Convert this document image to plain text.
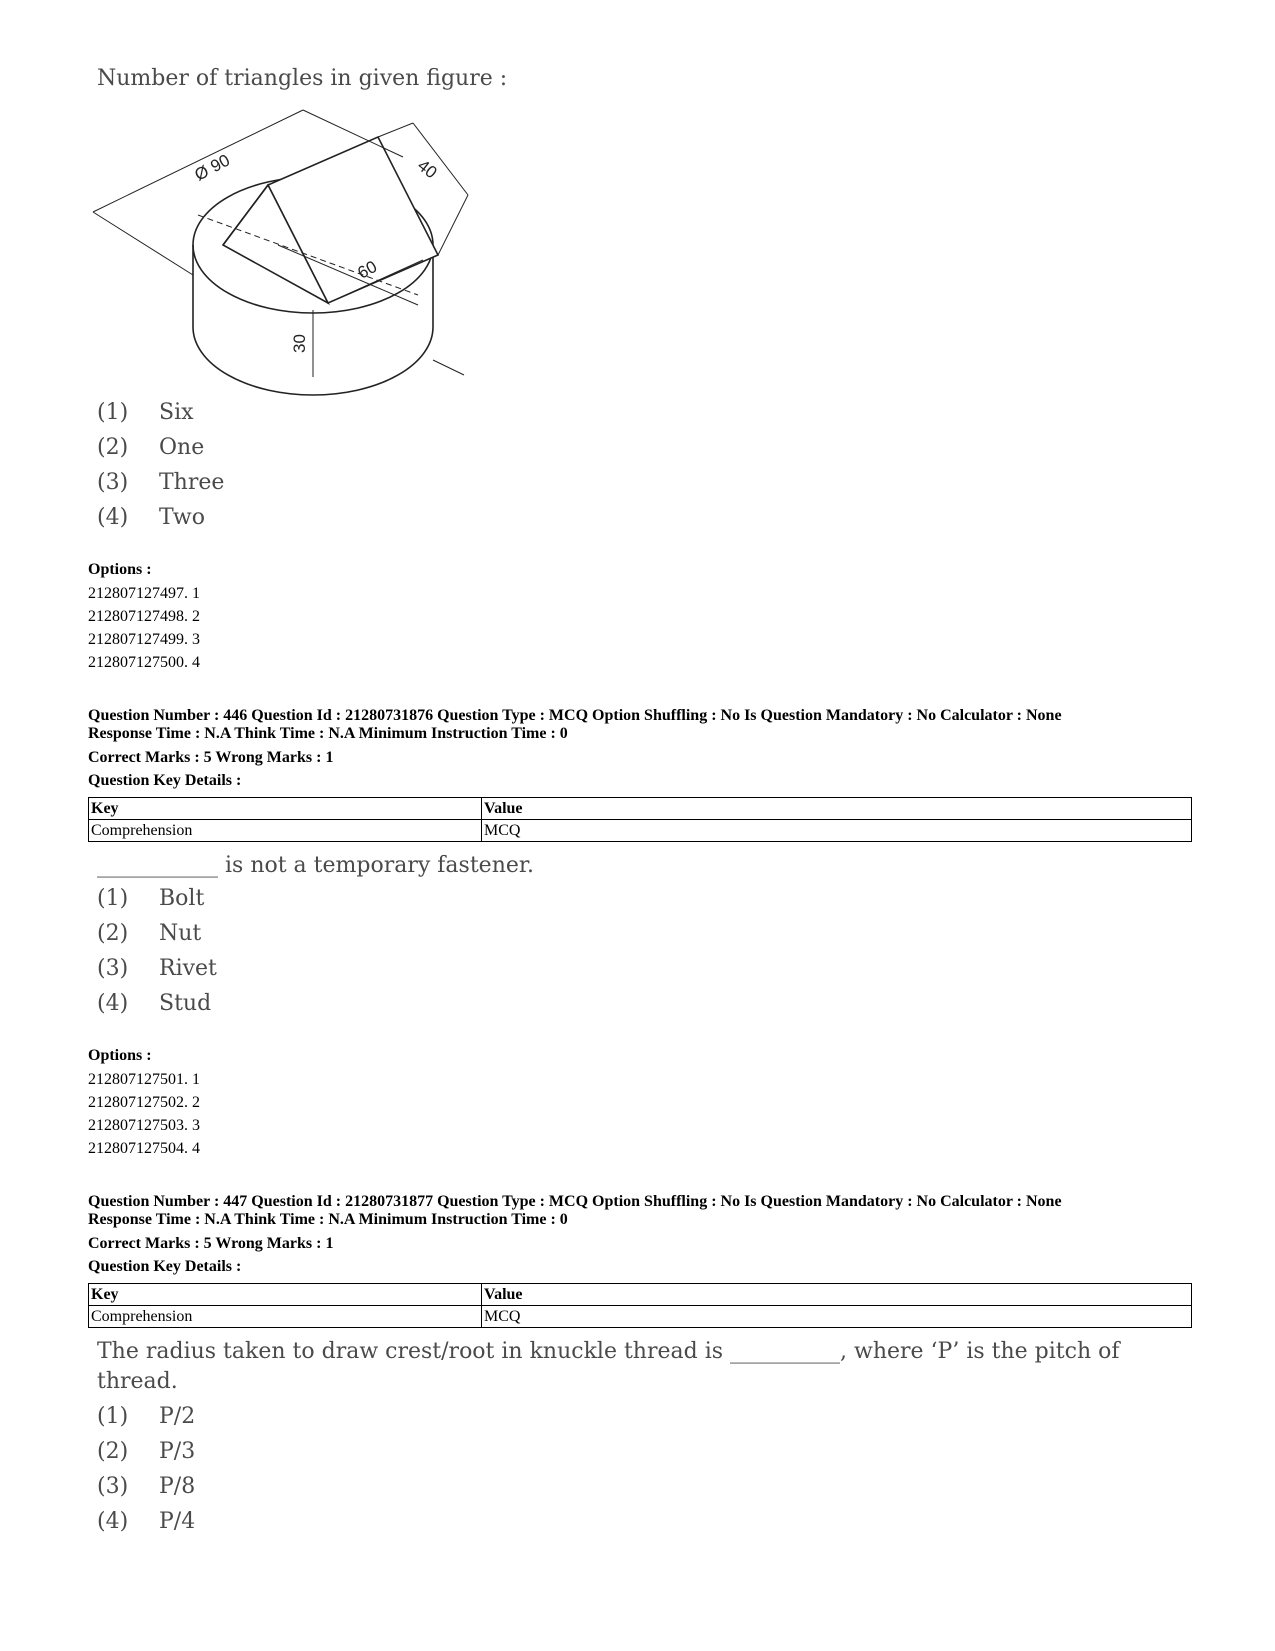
Number of triangles in given figure :
Ø 90	40
60
30
(1) Six
(2) One
(3) Three
(4) Two
Options :
212807127497. 1
212807127498. 2
212807127499. 3
212807127500. 4
Question Number : 446 Question Id : 21280731876 Question Type : MCQ Option Shuffling : No Is Question Mandatory : No Calculator : None
Response Time : N.A Think Time : N.A Minimum Instruction Time : 0
Correct Marks : 5 Wrong Marks : 1
Question Key Details :
Key	Value
Comprehension	MCQ
___________ is not a temporary fastener.
(1) Bolt
(2) Nut
(3) Rivet
(4) Stud
Options :
212807127501. 1
212807127502. 2
212807127503. 3
212807127504. 4
Question Number : 447 Question Id : 21280731877 Question Type : MCQ Option Shuffling : No Is Question Mandatory : No Calculator : None
Response Time : N.A Think Time : N.A Minimum Instruction Time : 0
Correct Marks : 5 Wrong Marks : 1
Question Key Details :
Key	Value
Comprehension	MCQ
The radius taken to draw crest/root in knuckle thread is __________, where ‘P’ is the pitch of
thread.
(1) P/2
(2) P/3
(3) P/8
(4) P/4
